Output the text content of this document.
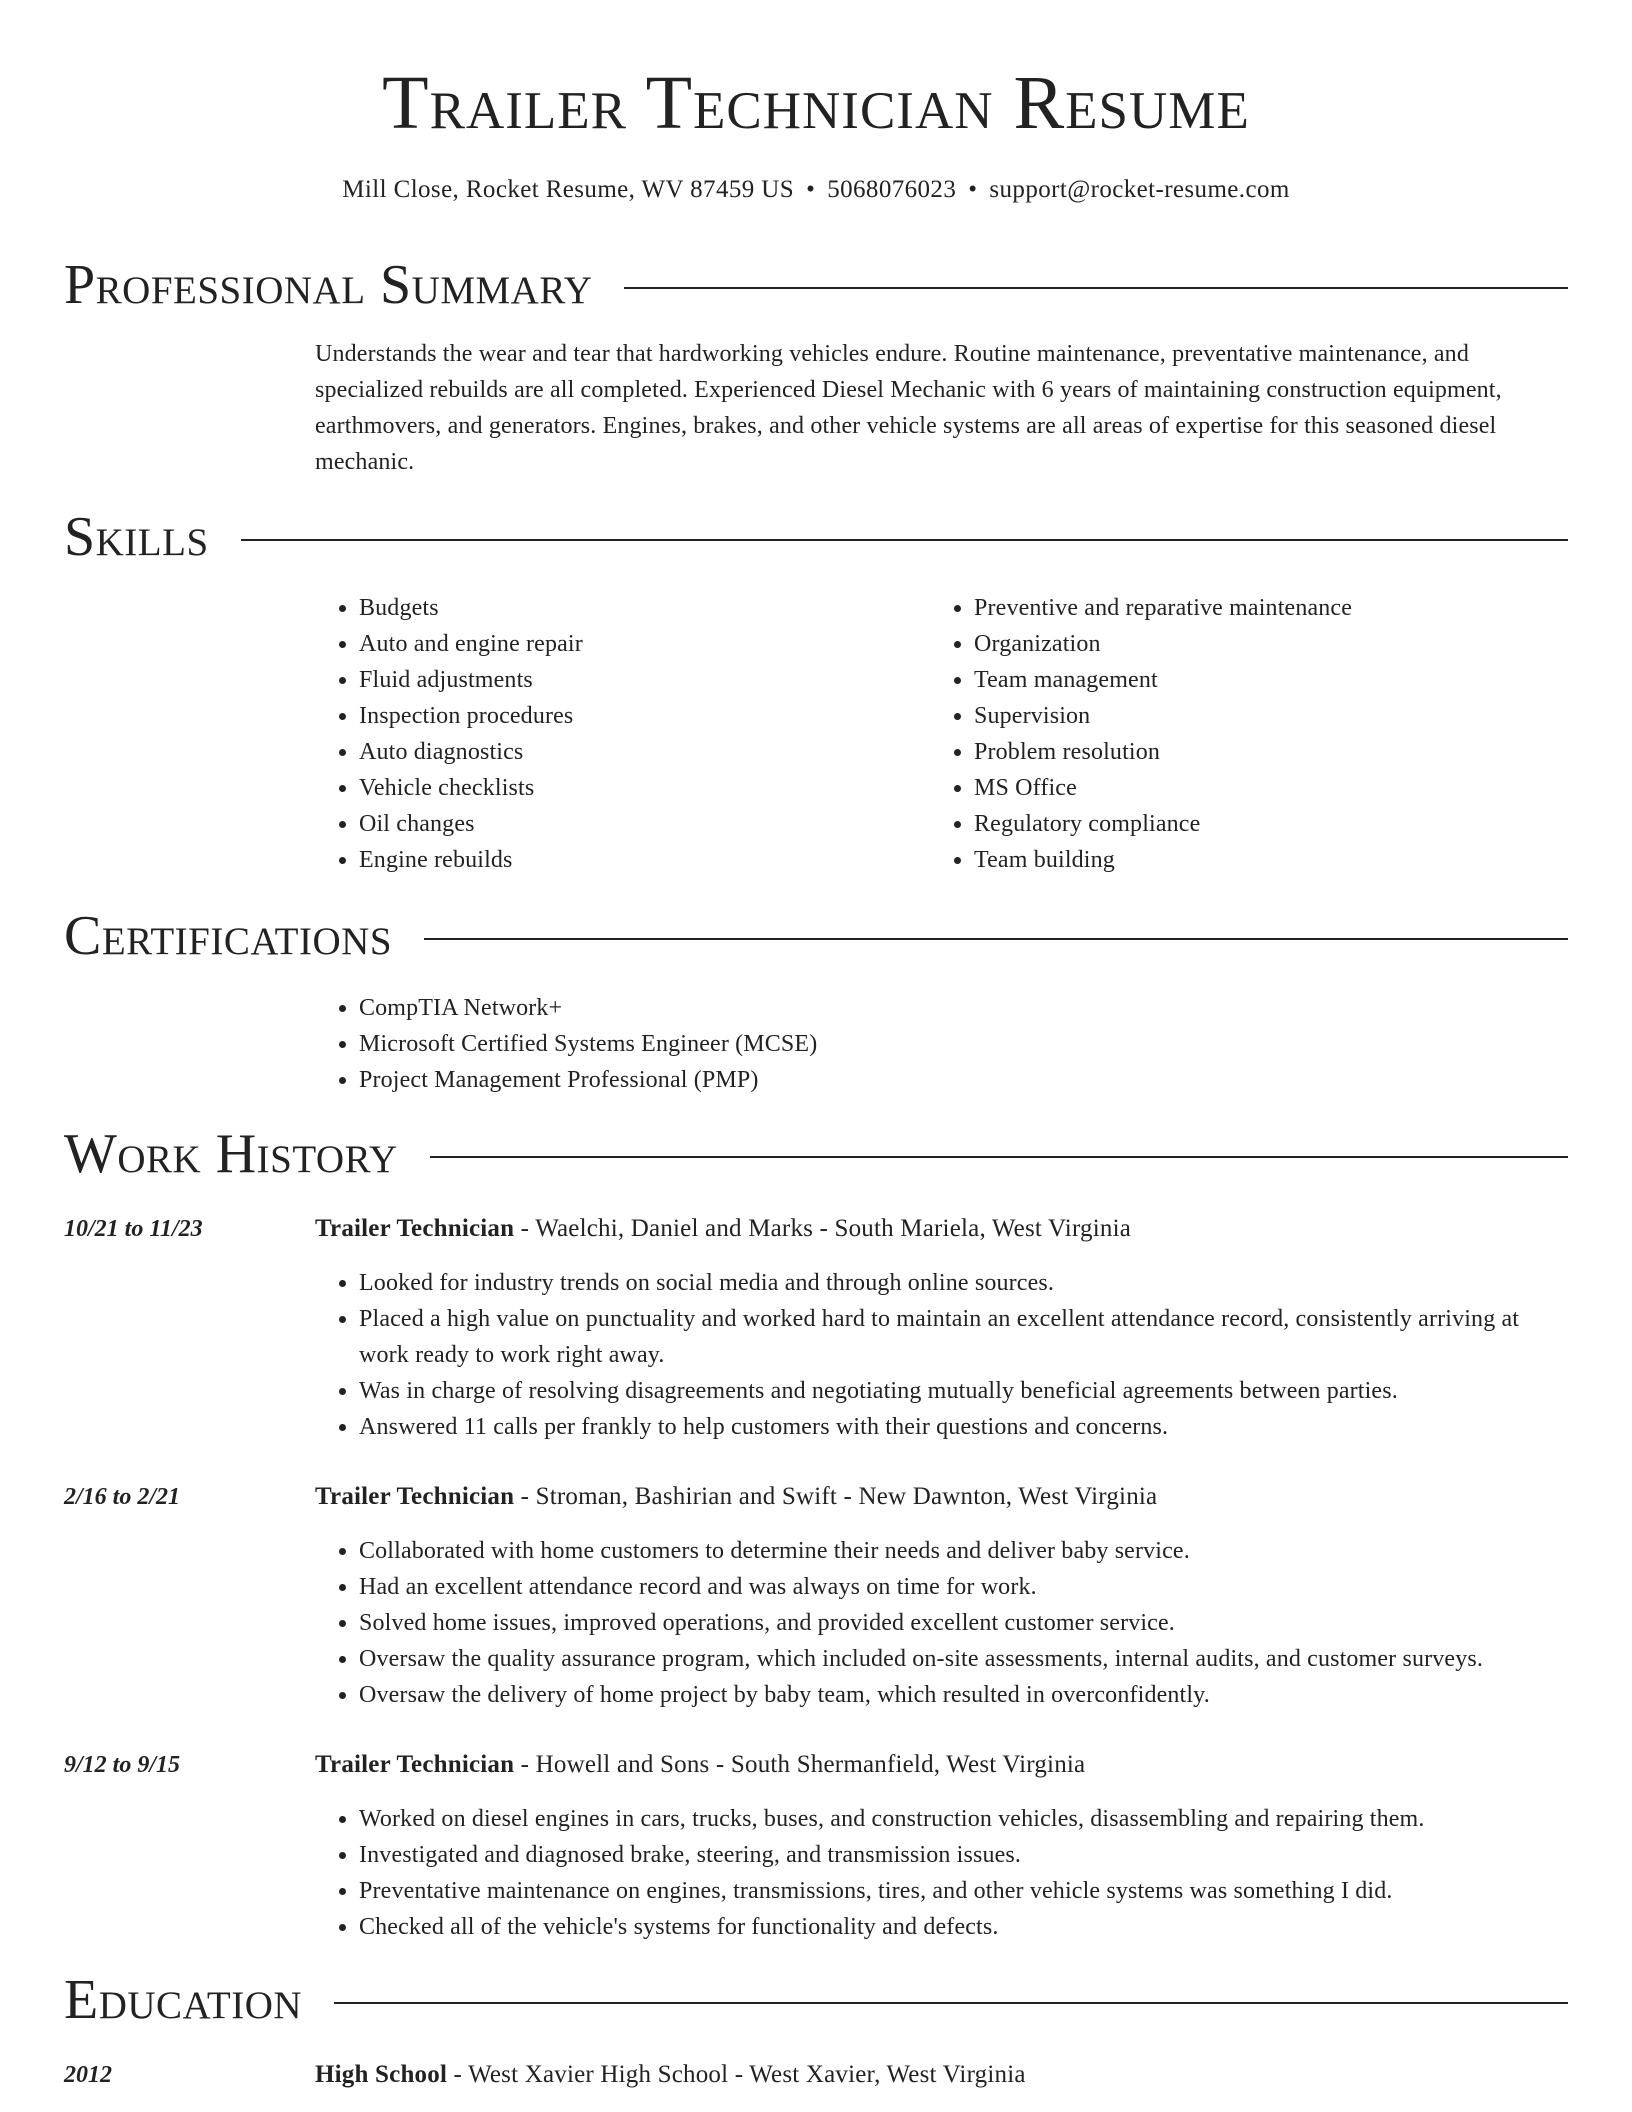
Trailer Technician Resume
Mill Close, Rocket Resume, WV 87459 US • 5068076023 • support@rocket-resume.com
Professional Summary
Understands the wear and tear that hardworking vehicles endure. Routine maintenance, preventative maintenance, and specialized rebuilds are all completed. Experienced Diesel Mechanic with 6 years of maintaining construction equipment, earthmovers, and generators. Engines, brakes, and other vehicle systems are all areas of expertise for this seasoned diesel mechanic.
Skills
• Budgets
• Auto and engine repair
• Fluid adjustments
• Inspection procedures
• Auto diagnostics
• Vehicle checklists
• Oil changes
• Engine rebuilds
• Preventive and reparative maintenance
• Organization
• Team management
• Supervision
• Problem resolution
• MS Office
• Regulatory compliance
• Team building
Certifications
• CompTIA Network+
• Microsoft Certified Systems Engineer (MCSE)
• Project Management Professional (PMP)
Work History
10/21 to 11/23	Trailer Technician - Waelchi, Daniel and Marks - South Mariela, West Virginia
• Looked for industry trends on social media and through online sources.
• Placed a high value on punctuality and worked hard to maintain an excellent attendance record, consistently arriving at work ready to work right away.
• Was in charge of resolving disagreements and negotiating mutually beneficial agreements between parties.
• Answered 11 calls per frankly to help customers with their questions and concerns.
2/16 to 2/21	Trailer Technician - Stroman, Bashirian and Swift - New Dawnton, West Virginia
• Collaborated with home customers to determine their needs and deliver baby service.
• Had an excellent attendance record and was always on time for work.
• Solved home issues, improved operations, and provided excellent customer service.
• Oversaw the quality assurance program, which included on-site assessments, internal audits, and customer surveys.
• Oversaw the delivery of home project by baby team, which resulted in overconfidently.
9/12 to 9/15	Trailer Technician - Howell and Sons - South Shermanfield, West Virginia
• Worked on diesel engines in cars, trucks, buses, and construction vehicles, disassembling and repairing them.
• Investigated and diagnosed brake, steering, and transmission issues.
• Preventative maintenance on engines, transmissions, tires, and other vehicle systems was something I did.
• Checked all of the vehicle's systems for functionality and defects.
Education
2012	High School - West Xavier High School - West Xavier, West Virginia
